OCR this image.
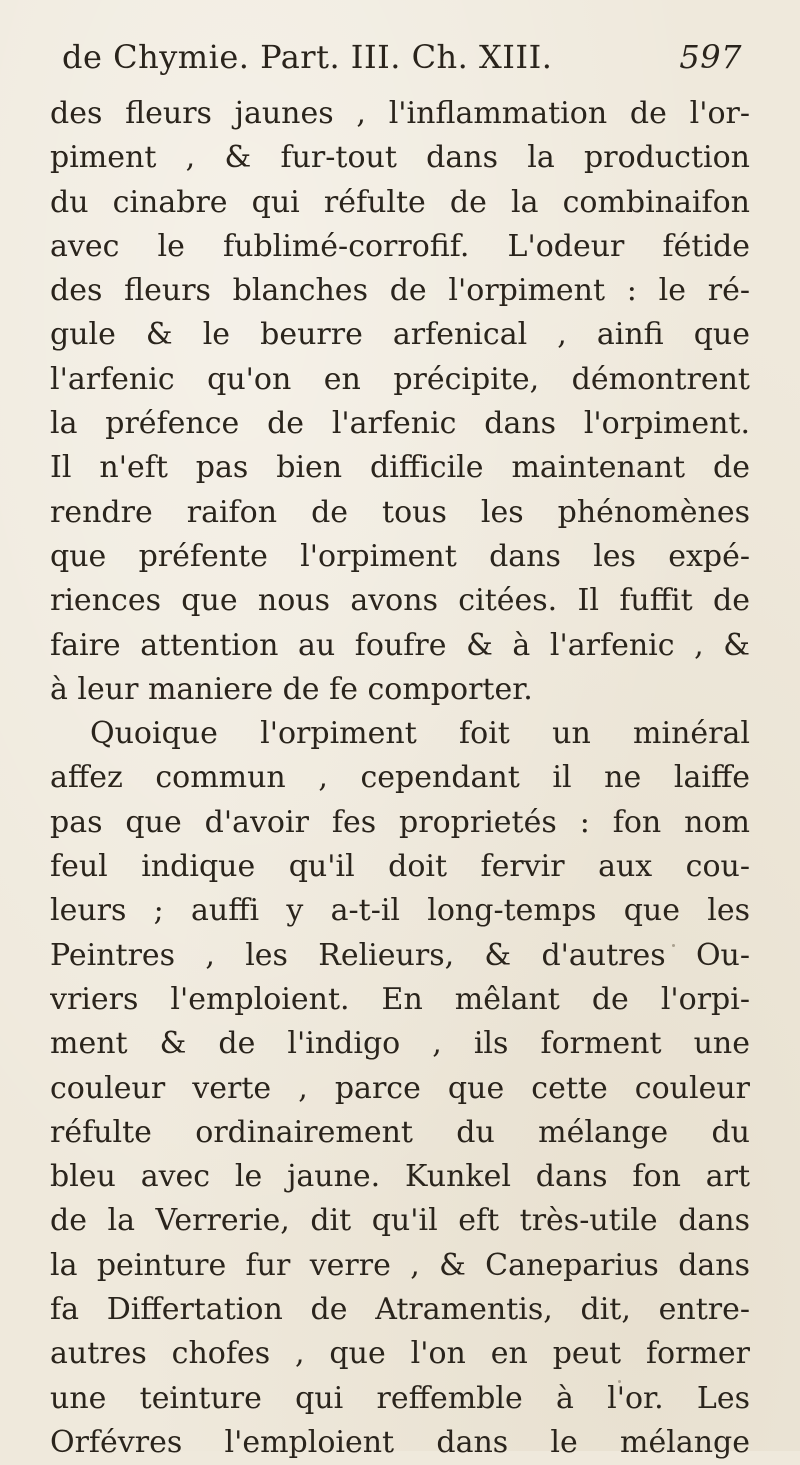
de Chymie. Part. III. Ch. XIII.	597
des fleurs jaunes , l'inflammation de l'or-
piment , & fur-tout dans la production
du cinabre qui réfulte de la combinaifon
avec le fublimé-corrofif. L'odeur fétide
des fleurs blanches de l'orpiment : le ré-
gule & le beurre arfenical , ainfi que
l'arfenic qu'on en précipite, démontrent
la préfence de l'arfenic dans l'orpiment.
Il n'eft pas bien difficile maintenant de
rendre raifon de tous les phénomènes
que préfente l'orpiment dans les expé-
riences que nous avons citées. Il fuffit de
faire attention au foufre & à l'arfenic , &
à leur maniere de fe comporter.
Quoique l'orpiment foit un minéral
affez commun , cependant il ne laiffe
pas que d'avoir fes proprietés : fon nom
feul indique qu'il doit fervir aux cou-
leurs ; auffi y a-t-il long-temps que les
Peintres , les Relieurs, & d'autres Ou-
vriers l'emploient. En mêlant de l'orpi-
ment & de l'indigo , ils forment une
couleur verte , parce que cette couleur
réfulte ordinairement du mélange du
bleu avec le jaune. Kunkel dans fon art
de la Verrerie, dit qu'il eft très-utile dans
la peinture fur verre , & Caneparius dans
fa Differtation de Atramentis, dit, entre-
autres chofes , que l'on en peut former
une teinture qui reffemble à l'or. Les
Orfévres l'emploient dans le mélange
